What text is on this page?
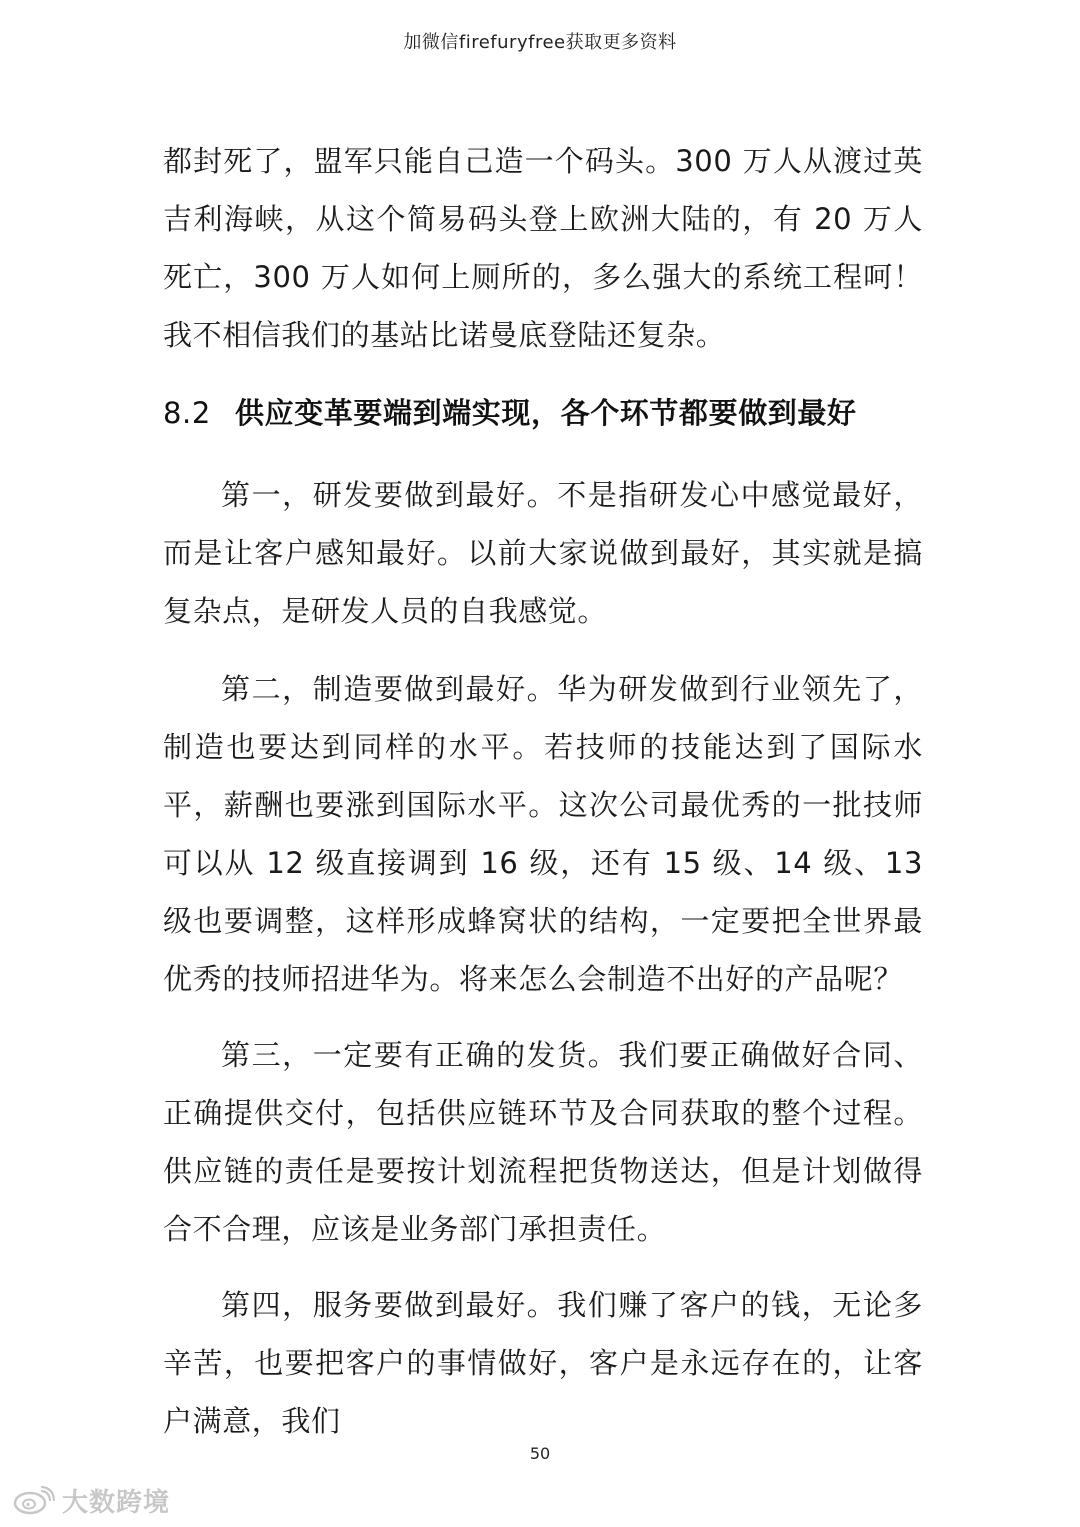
加微信firefuryfree获取更多资料

都封死了，盟军只能自己造一个码头。300 万人从渡过英吉利海峡，从这个简易码头登上欧洲大陆的，有 20 万人死亡，300 万人如何上厕所的，多么强大的系统工程呵！我不相信我们的基站比诺曼底登陆还复杂。

8.2 供应变革要端到端实现，各个环节都要做到最好

第一，研发要做到最好。不是指研发心中感觉最好，而是让客户感知最好。以前大家说做到最好，其实就是搞复杂点，是研发人员的自我感觉。

第二，制造要做到最好。华为研发做到行业领先了，制造也要达到同样的水平。若技师的技能达到了国际水平，薪酬也要涨到国际水平。这次公司最优秀的一批技师可以从 12 级直接调到 16 级，还有 15 级、14 级、13 级也要调整，这样形成蜂窝状的结构，一定要把全世界最优秀的技师招进华为。将来怎么会制造不出好的产品呢？

第三，一定要有正确的发货。我们要正确做好合同、正确提供交付，包括供应链环节及合同获取的整个过程。供应链的责任是要按计划流程把货物送达，但是计划做得合不合理，应该是业务部门承担责任。

第四，服务要做到最好。我们赚了客户的钱，无论多辛苦，也要把客户的事情做好，客户是永远存在的，让客户满意，我们

50
大数跨境
